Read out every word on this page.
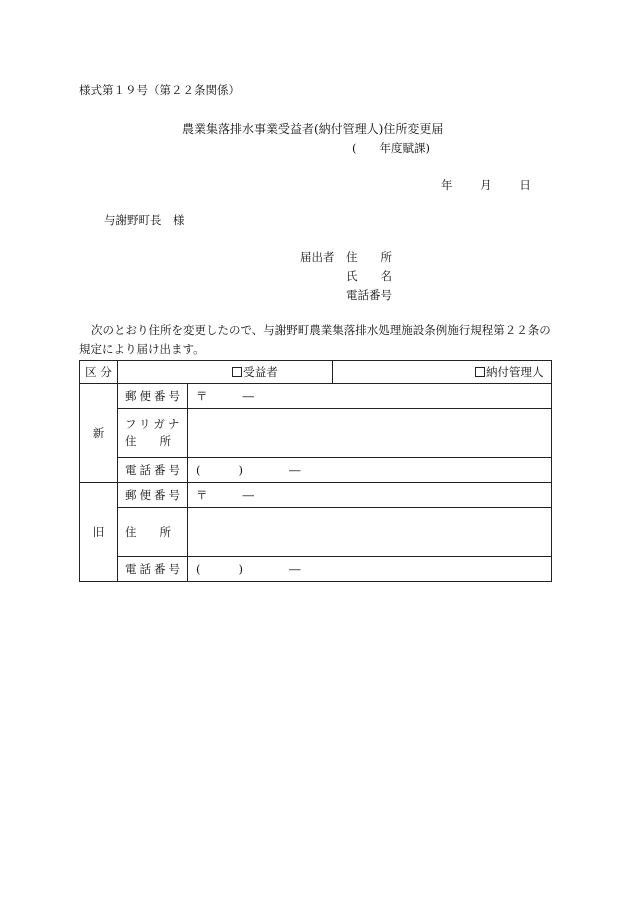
様式第１９号（第２２条関係）
農業集落排水事業受益者(納付管理人)住所変更届
(　　年度賦課)
年 月 日
与謝野町長　様
届出者 住　　所
氏　　名
電話番号
次のとおり住所を変更したので、与謝野町農業集落排水処理施設条例施行規程第２２条の規定により届け出ます。
区 分	受益者		納付管理人
新	郵便番号	〒 ―	

	フリガナ
住　　所		

	電話番号	( ) ―	
旧	郵便番号	〒 ―	
	住　　所		
	電話番号	( ) ―	
